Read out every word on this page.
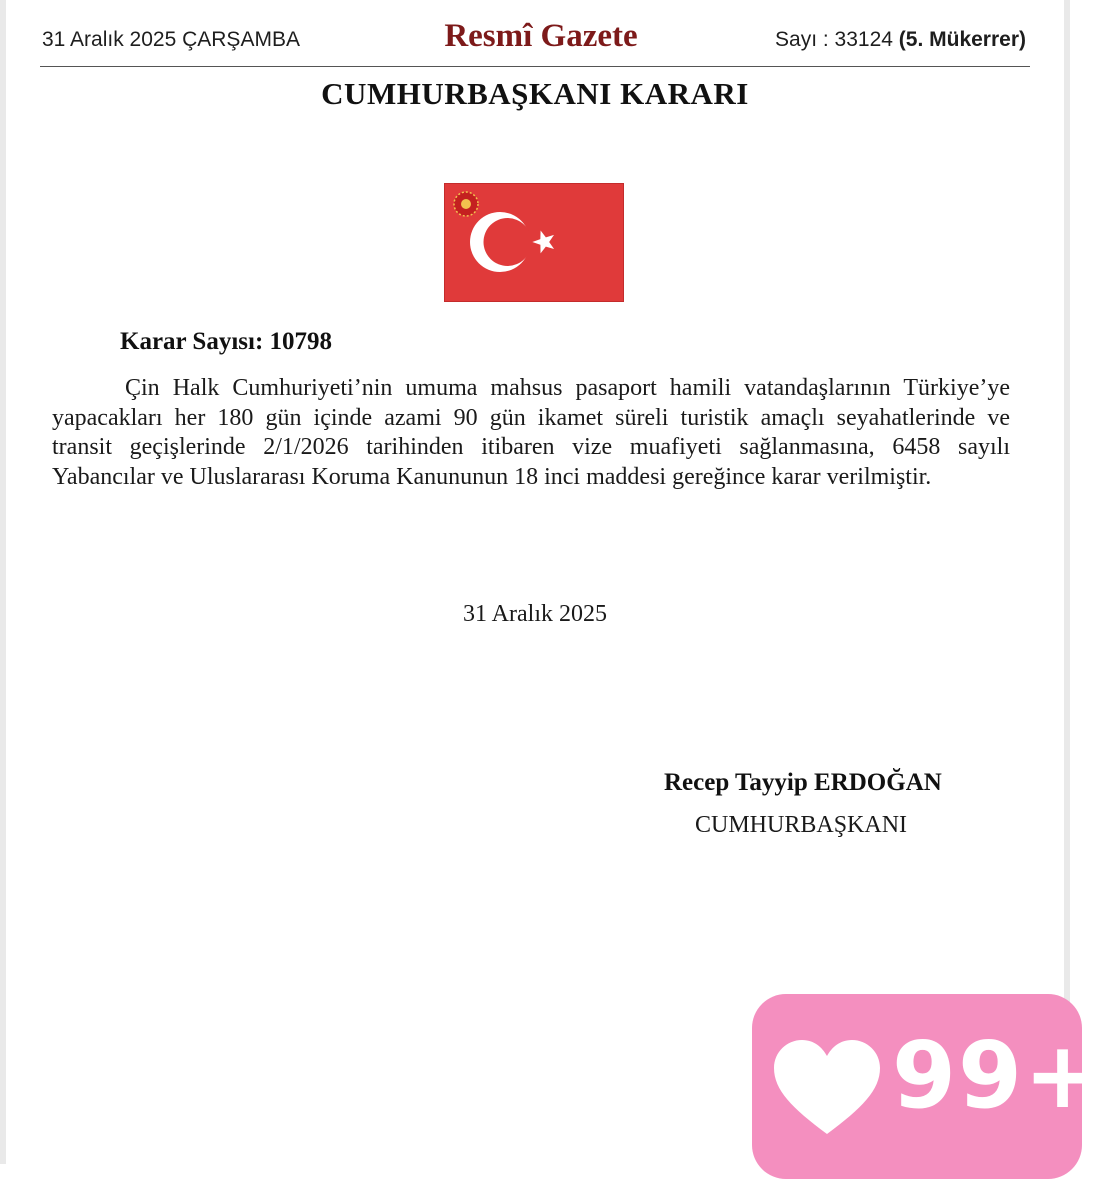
31 Aralık 2025 ÇARŞAMBA	Resmî Gazete	Sayı : 33124 (5. Mükerrer)
CUMHURBAŞKANI KARARI
Karar Sayısı: 10798
Çin Halk Cumhuriyeti’nin umuma mahsus pasaport hamili vatandaşlarının Türkiye’ye
yapacakları her 180 gün içinde azami 90 gün ikamet süreli turistik amaçlı seyahatlerinde ve
transit geçişlerinde 2/1/2026 tarihinden itibaren vize muafiyeti sağlanmasına, 6458 sayılı
Yabancılar ve Uluslararası Koruma Kanununun 18 inci maddesi gereğince karar verilmiştir.
31 Aralık 2025
Recep Tayyip ERDOĞAN
CUMHURBAŞKANI
99+
